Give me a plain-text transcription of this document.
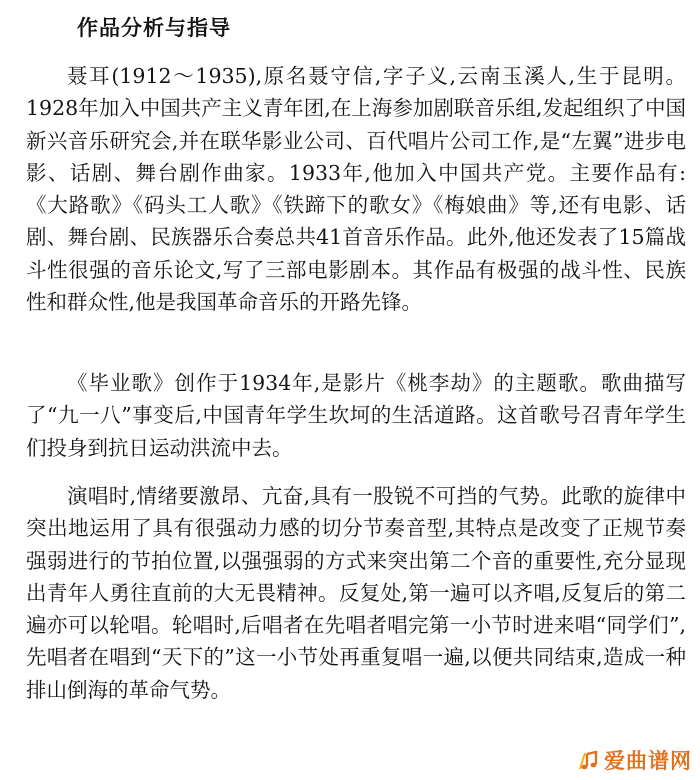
作品分析与指导

聂耳(1912～1935),原名聂守信,字子义,云南玉溪人,生于昆明。1928年加入中国共产主义青年团,在上海参加剧联音乐组,发起组织了中国新兴音乐研究会,并在联华影业公司、百代唱片公司工作,是“左翼”进步电影、话剧、舞台剧作曲家。1933年,他加入中国共产党。主要作品有:《大路歌》《码头工人歌》《铁蹄下的歌女》《梅娘曲》等,还有电影、话剧、舞台剧、民族器乐合奏总共41首音乐作品。此外,他还发表了15篇战斗性很强的音乐论文,写了三部电影剧本。其作品有极强的战斗性、民族性和群众性,他是我国革命音乐的开路先锋。

《毕业歌》创作于1934年,是影片《桃李劫》的主题歌。歌曲描写了“九一八”事变后,中国青年学生坎坷的生活道路。这首歌号召青年学生们投身到抗日运动洪流中去。

演唱时,情绪要激昂、亢奋,具有一股锐不可挡的气势。此歌的旋律中突出地运用了具有很强动力感的切分节奏音型,其特点是改变了正规节奏强弱进行的节拍位置,以强强弱的方式来突出第二个音的重要性,充分显现出青年人勇往直前的大无畏精神。反复处,第一遍可以齐唱,反复后的第二遍亦可以轮唱。轮唱时,后唱者在先唱者唱完第一小节时进来唱“同学们”,先唱者在唱到“天下的”这一小节处再重复唱一遍,以便共同结束,造成一种排山倒海的革命气势。

爱曲谱网
